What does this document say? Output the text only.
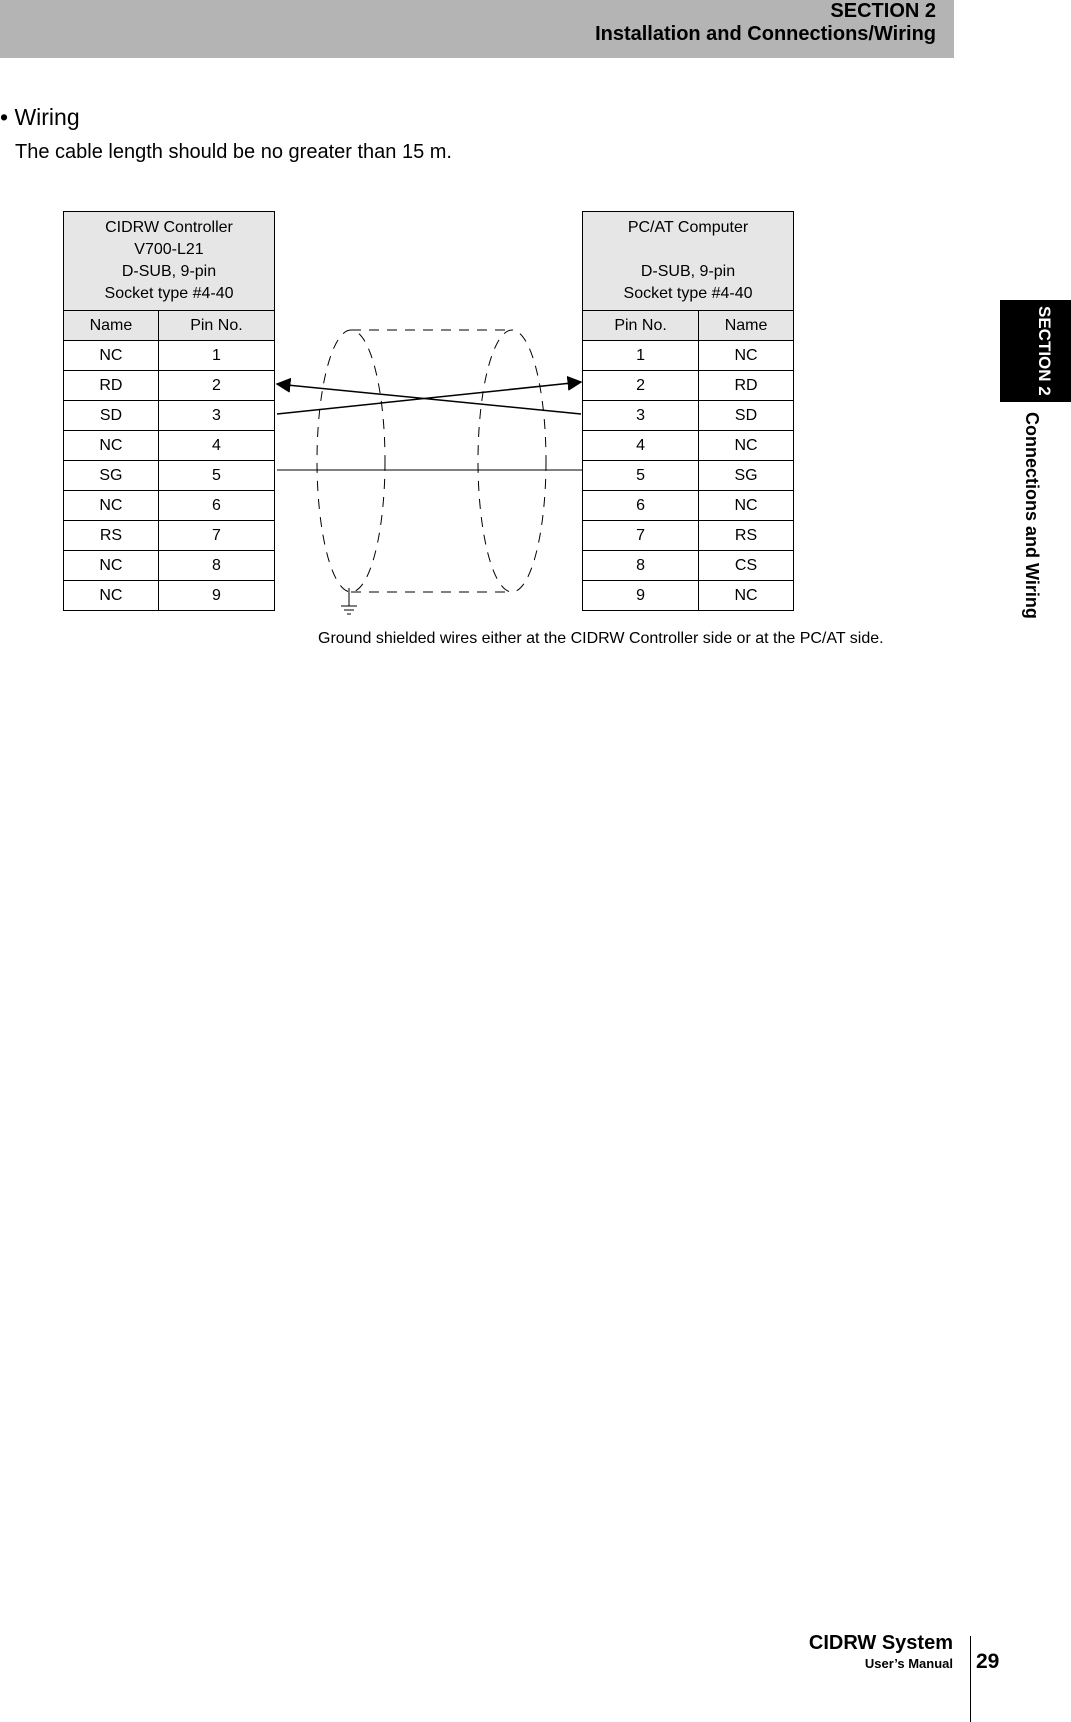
SECTION 2
Installation and Connections/Wiring
• Wiring
The cable length should be no greater than 15 m.
CIDRW Controller
V700-L21
D-SUB, 9-pin
Socket type #4-40	

Name	Pin No.
NC	1
RD	2
SD	3
NC	4
SG	5
NC	6
RS	7
NC	8
NC	9
PC/AT Computer

D-SUB, 9-pin
Socket type #4-40	

Pin No.	Name
1	NC
2	RD
3	SD
4	NC
5	SG
6	NC
7	RS
8	CS
9	NC
Ground shielded wires either at the CIDRW Controller side or at the PC/AT side.
SECTION 2
Connections and Wiring
CIDRW System
User’s Manual 29
